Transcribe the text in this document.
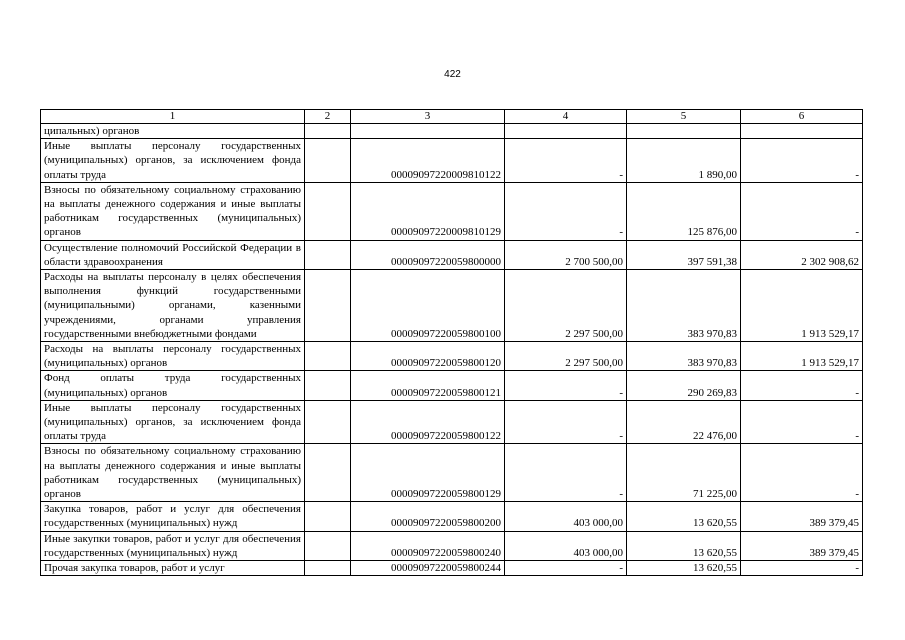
422
1	2	3	4	5	6
ципальных) органов					
Иные выплаты персоналу государственных (муниципальных) органов, за исключением фонда оплаты труда		00009097220009810122	-	1 890,00	-
Взносы по обязательному социальному страхованию на выплаты денежного содержания и иные выплаты работникам государственных (муниципальных) органов		00009097220009810129	-	125 876,00	-
Осуществление полномочий Российской Федерации в области здравоохранения		00009097220059800000	2 700 500,00	397 591,38	2 302 908,62
Расходы на выплаты персоналу в целях обеспечения выполнения функций государственными (муниципальными) органами, казенными учреждениями, органами управления государственными внебюджетными фондами		00009097220059800100	2 297 500,00	383 970,83	1 913 529,17
Расходы на выплаты персоналу государственных (муниципальных) органов		00009097220059800120	2 297 500,00	383 970,83	1 913 529,17
Фонд оплаты труда государственных (муниципальных) органов		00009097220059800121	-	290 269,83	-
Иные выплаты персоналу государственных (муниципальных) органов, за исключением фонда оплаты труда		00009097220059800122	-	22 476,00	-
Взносы по обязательному социальному страхованию на выплаты денежного содержания и иные выплаты работникам государственных (муниципальных) органов		00009097220059800129	-	71 225,00	-
Закупка товаров, работ и услуг для обеспечения государственных (муниципальных) нужд		00009097220059800200	403 000,00	13 620,55	389 379,45
Иные закупки товаров, работ и услуг для обеспечения государственных (муниципальных) нужд		00009097220059800240	403 000,00	13 620,55	389 379,45
Прочая закупка товаров, работ и услуг		00009097220059800244	-	13 620,55	-
